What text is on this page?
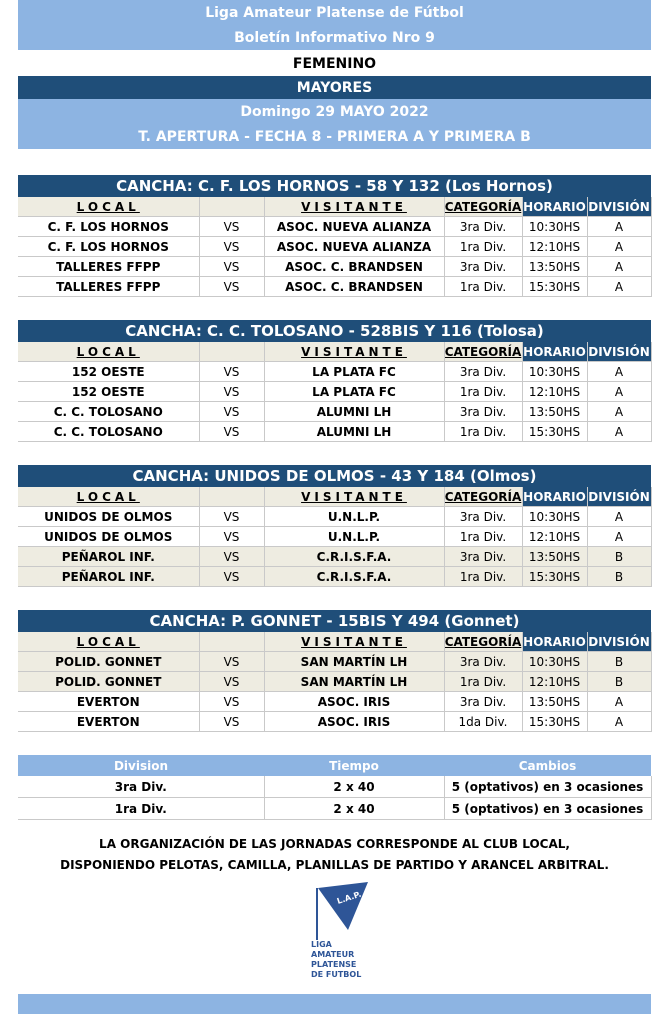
Liga Amateur Platense de Fútbol
Boletín Informativo Nro 9
FEMENINO
MAYORES
Domingo 29 MAYO 2022
T. APERTURA - FECHA 8 - PRIMERA A Y PRIMERA B
CANCHA: C. F. LOS HORNOS - 58 Y 132 (Los Hornos)
LOCAL		VISITANTE	CATEGORÍA	HORARIO	DIVISIÓN
C. F. LOS HORNOS	VS	ASOC. NUEVA ALIANZA	3ra Div.	10:30HS	A
C. F. LOS HORNOS	VS	ASOC. NUEVA ALIANZA	1ra Div.	12:10HS	A
TALLERES FFPP	VS	ASOC. C. BRANDSEN	3ra Div.	13:50HS	A
TALLERES FFPP	VS	ASOC. C. BRANDSEN	1ra Div.	15:30HS	A
CANCHA: C. C. TOLOSANO - 528BIS Y 116 (Tolosa)
LOCAL		VISITANTE	CATEGORÍA	HORARIO	DIVISIÓN
152 OESTE	VS	LA PLATA FC	3ra Div.	10:30HS	A
152 OESTE	VS	LA PLATA FC	1ra Div.	12:10HS	A
C. C. TOLOSANO	VS	ALUMNI LH	3ra Div.	13:50HS	A
C. C. TOLOSANO	VS	ALUMNI LH	1ra Div.	15:30HS	A
CANCHA: UNIDOS DE OLMOS - 43 Y 184 (Olmos)
LOCAL		VISITANTE	CATEGORÍA	HORARIO	DIVISIÓN
UNIDOS DE OLMOS	VS	U.N.L.P.	3ra Div.	10:30HS	A
UNIDOS DE OLMOS	VS	U.N.L.P.	1ra Div.	12:10HS	A
PEÑAROL INF.	VS	C.R.I.S.F.A.	3ra Div.	13:50HS	B
PEÑAROL INF.	VS	C.R.I.S.F.A.	1ra Div.	15:30HS	B
CANCHA: P. GONNET - 15BIS Y 494 (Gonnet)
LOCAL		VISITANTE	CATEGORÍA	HORARIO	DIVISIÓN
POLID. GONNET	VS	SAN MARTÍN LH	3ra Div.	10:30HS	B
POLID. GONNET	VS	SAN MARTÍN LH	1ra Div.	12:10HS	B
EVERTON	VS	ASOC. IRIS	3ra Div.	13:50HS	A
EVERTON	VS	ASOC. IRIS	1da Div.	15:30HS	A
Division	Tiempo	Cambios
3ra Div.	2 x 40	5 (optativos) en 3 ocasiones
1ra Div.	2 x 40	5 (optativos) en 3 ocasiones
LA ORGANIZACIÓN DE LAS JORNADAS CORRESPONDE AL CLUB LOCAL,
DISPONIENDO PELOTAS, CAMILLA, PLANILLAS DE PARTIDO Y ARANCEL ARBITRAL.
L.A.P.
LIGA
AMATEUR
PLATENSE
DE FUTBOL
